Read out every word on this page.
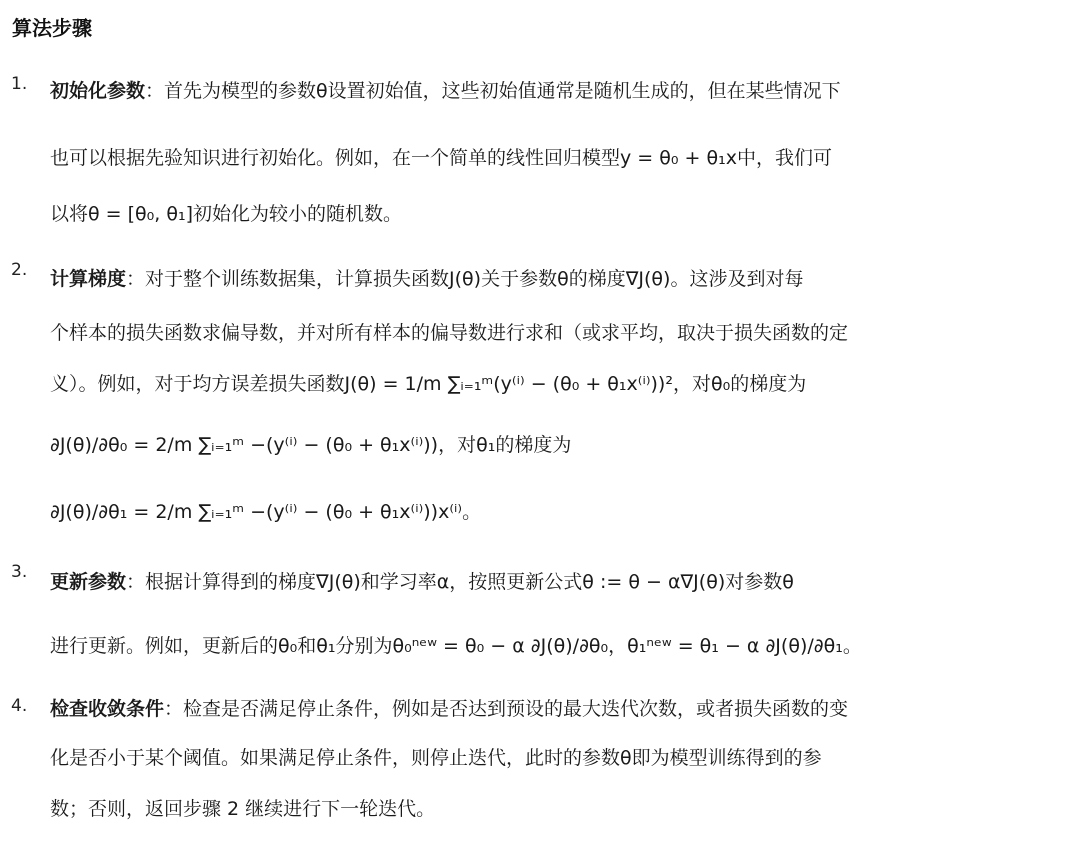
算法步骤
1. 初始化参数：首先为模型的参数θ设置初始值，这些初始值通常是随机生成的，但在某些情况下
也可以根据先验知识进行初始化。例如，在一个简单的线性回归模型y = θ₀ + θ₁x中，我们可
以将θ = [θ₀, θ₁]初始化为较小的随机数。
2. 计算梯度：对于整个训练数据集，计算损失函数J(θ)关于参数θ的梯度∇J(θ)。这涉及到对每
个样本的损失函数求偏导数，并对所有样本的偏导数进行求和（或求平均，取决于损失函数的定
义）。例如，对于均方误差损失函数J(θ) = 1/m ∑ᵢ₌₁ᵐ(y⁽ⁱ⁾ − (θ₀ + θ₁x⁽ⁱ⁾))²，对θ₀的梯度为
∂J(θ)/∂θ₀ = 2/m ∑ᵢ₌₁ᵐ −(y⁽ⁱ⁾ − (θ₀ + θ₁x⁽ⁱ⁾))，对θ₁的梯度为
∂J(θ)/∂θ₁ = 2/m ∑ᵢ₌₁ᵐ −(y⁽ⁱ⁾ − (θ₀ + θ₁x⁽ⁱ⁾))x⁽ⁱ⁾。
3. 更新参数：根据计算得到的梯度∇J(θ)和学习率α，按照更新公式θ := θ − α∇J(θ)对参数θ
进行更新。例如，更新后的θ₀和θ₁分别为θ₀ⁿᵉʷ = θ₀ − α ∂J(θ)/∂θ₀，θ₁ⁿᵉʷ = θ₁ − α ∂J(θ)/∂θ₁。
4. 检查收敛条件：检查是否满足停止条件，例如是否达到预设的最大迭代次数，或者损失函数的变
化是否小于某个阈值。如果满足停止条件，则停止迭代，此时的参数θ即为模型训练得到的参
数；否则，返回步骤 2 继续进行下一轮迭代。
